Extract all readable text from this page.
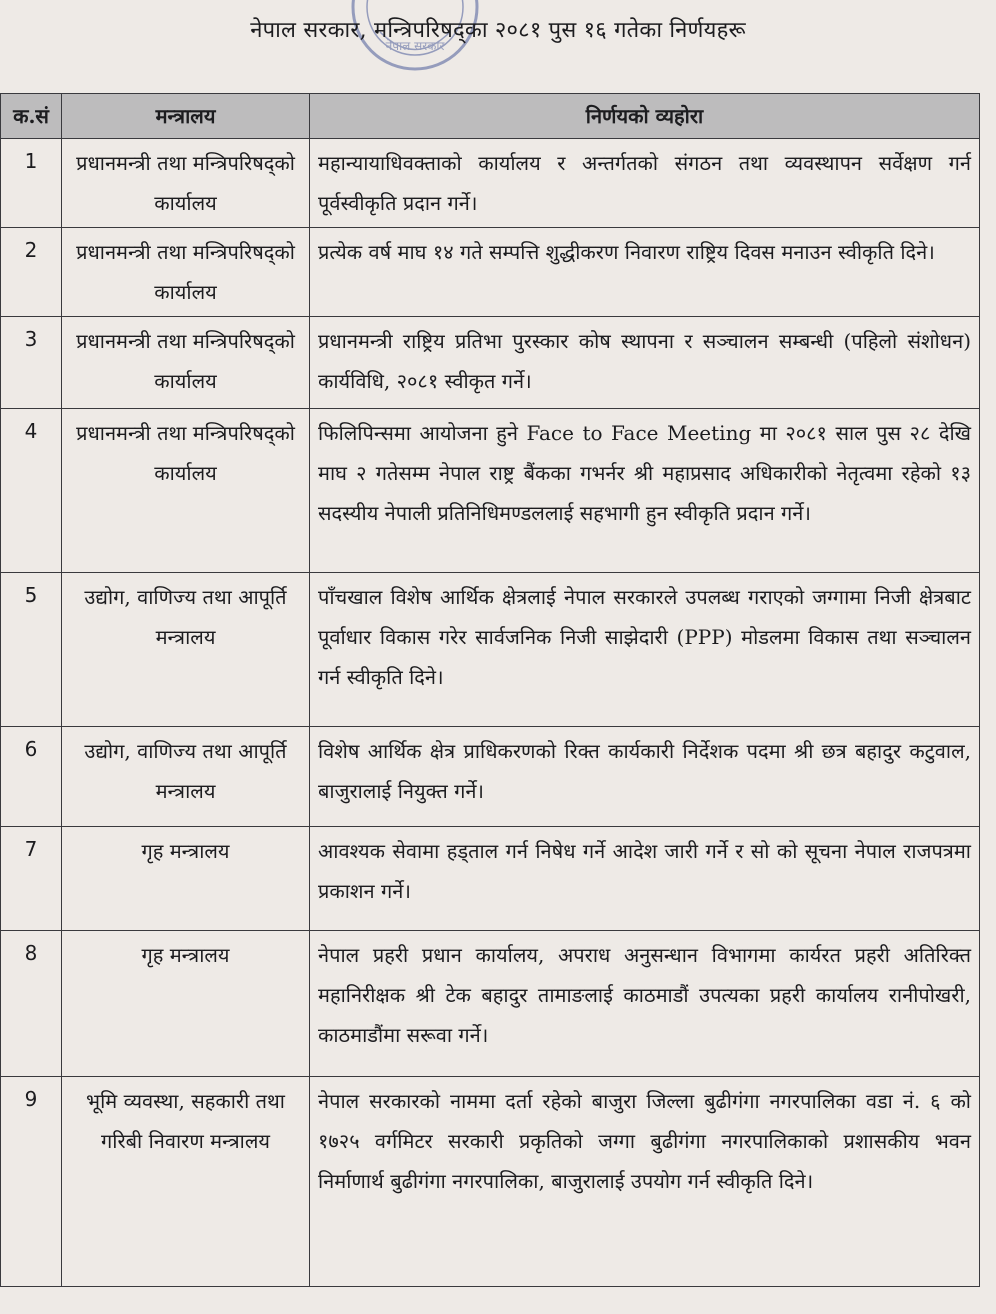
नेपाल सरकार
नेपाल सरकार, मन्त्रिपरिषद्का २०८१ पुस १६ गतेका निर्णयहरू
क.सं	मन्त्रालय	निर्णयको व्यहोरा
1	प्रधानमन्त्री तथा मन्त्रिपरिषद्को कार्यालय	महान्यायाधिवक्ताको कार्यालय र अन्तर्गतको संगठन तथा व्यवस्थापन सर्वेक्षण गर्न पूर्वस्वीकृति प्रदान गर्ने।
2	प्रधानमन्त्री तथा मन्त्रिपरिषद्को कार्यालय	प्रत्येक वर्ष माघ १४ गते सम्पत्ति शुद्धीकरण निवारण राष्ट्रिय दिवस मनाउन स्वीकृति दिने।
3	प्रधानमन्त्री तथा मन्त्रिपरिषद्को कार्यालय	प्रधानमन्त्री राष्ट्रिय प्रतिभा पुरस्कार कोष स्थापना र सञ्चालन सम्बन्धी (पहिलो संशोधन) कार्यविधि, २०८१ स्वीकृत गर्ने।
4	प्रधानमन्त्री तथा मन्त्रिपरिषद्को कार्यालय	फिलिपिन्समा आयोजना हुने Face to Face Meeting मा २०८१ साल पुस २८ देखि माघ २ गतेसम्म नेपाल राष्ट्र बैंकका गभर्नर श्री महाप्रसाद अधिकारीको नेतृत्वमा रहेको १३ सदस्यीय नेपाली प्रतिनिधिमण्डललाई सहभागी हुन स्वीकृति प्रदान गर्ने।
5	उद्योग, वाणिज्य तथा आपूर्ति मन्त्रालय	पाँचखाल विशेष आर्थिक क्षेत्रलाई नेपाल सरकारले उपलब्ध गराएको जग्गामा निजी क्षेत्रबाट पूर्वाधार विकास गरेर सार्वजनिक निजी साझेदारी (PPP) मोडलमा विकास तथा सञ्चालन गर्न स्वीकृति दिने।
6	उद्योग, वाणिज्य तथा आपूर्ति मन्त्रालय	विशेष आर्थिक क्षेत्र प्राधिकरणको रिक्त कार्यकारी निर्देशक पदमा श्री छत्र बहादुर कटुवाल, बाजुरालाई नियुक्त गर्ने।
7	गृह मन्त्रालय	आवश्यक सेवामा हड्ताल गर्न निषेध गर्ने आदेश जारी गर्ने र सो को सूचना नेपाल राजपत्रमा प्रकाशन गर्ने।
8	गृह मन्त्रालय	नेपाल प्रहरी प्रधान कार्यालय, अपराध अनुसन्धान विभागमा कार्यरत प्रहरी अतिरिक्त महानिरीक्षक श्री टेक बहादुर तामाङलाई काठमाडौं उपत्यका प्रहरी कार्यालय रानीपोखरी, काठमाडौंमा सरूवा गर्ने।
9	भूमि व्यवस्था, सहकारी तथा गरिबी निवारण मन्त्रालय	नेपाल सरकारको नाममा दर्ता रहेको बाजुरा जिल्ला बुढीगंगा नगरपालिका वडा नं. ६ को १७२५ वर्गमिटर सरकारी प्रकृतिको जग्गा बुढीगंगा नगरपालिकाको प्रशासकीय भवन निर्माणार्थ बुढीगंगा नगरपालिका, बाजुरालाई उपयोग गर्न स्वीकृति दिने।
